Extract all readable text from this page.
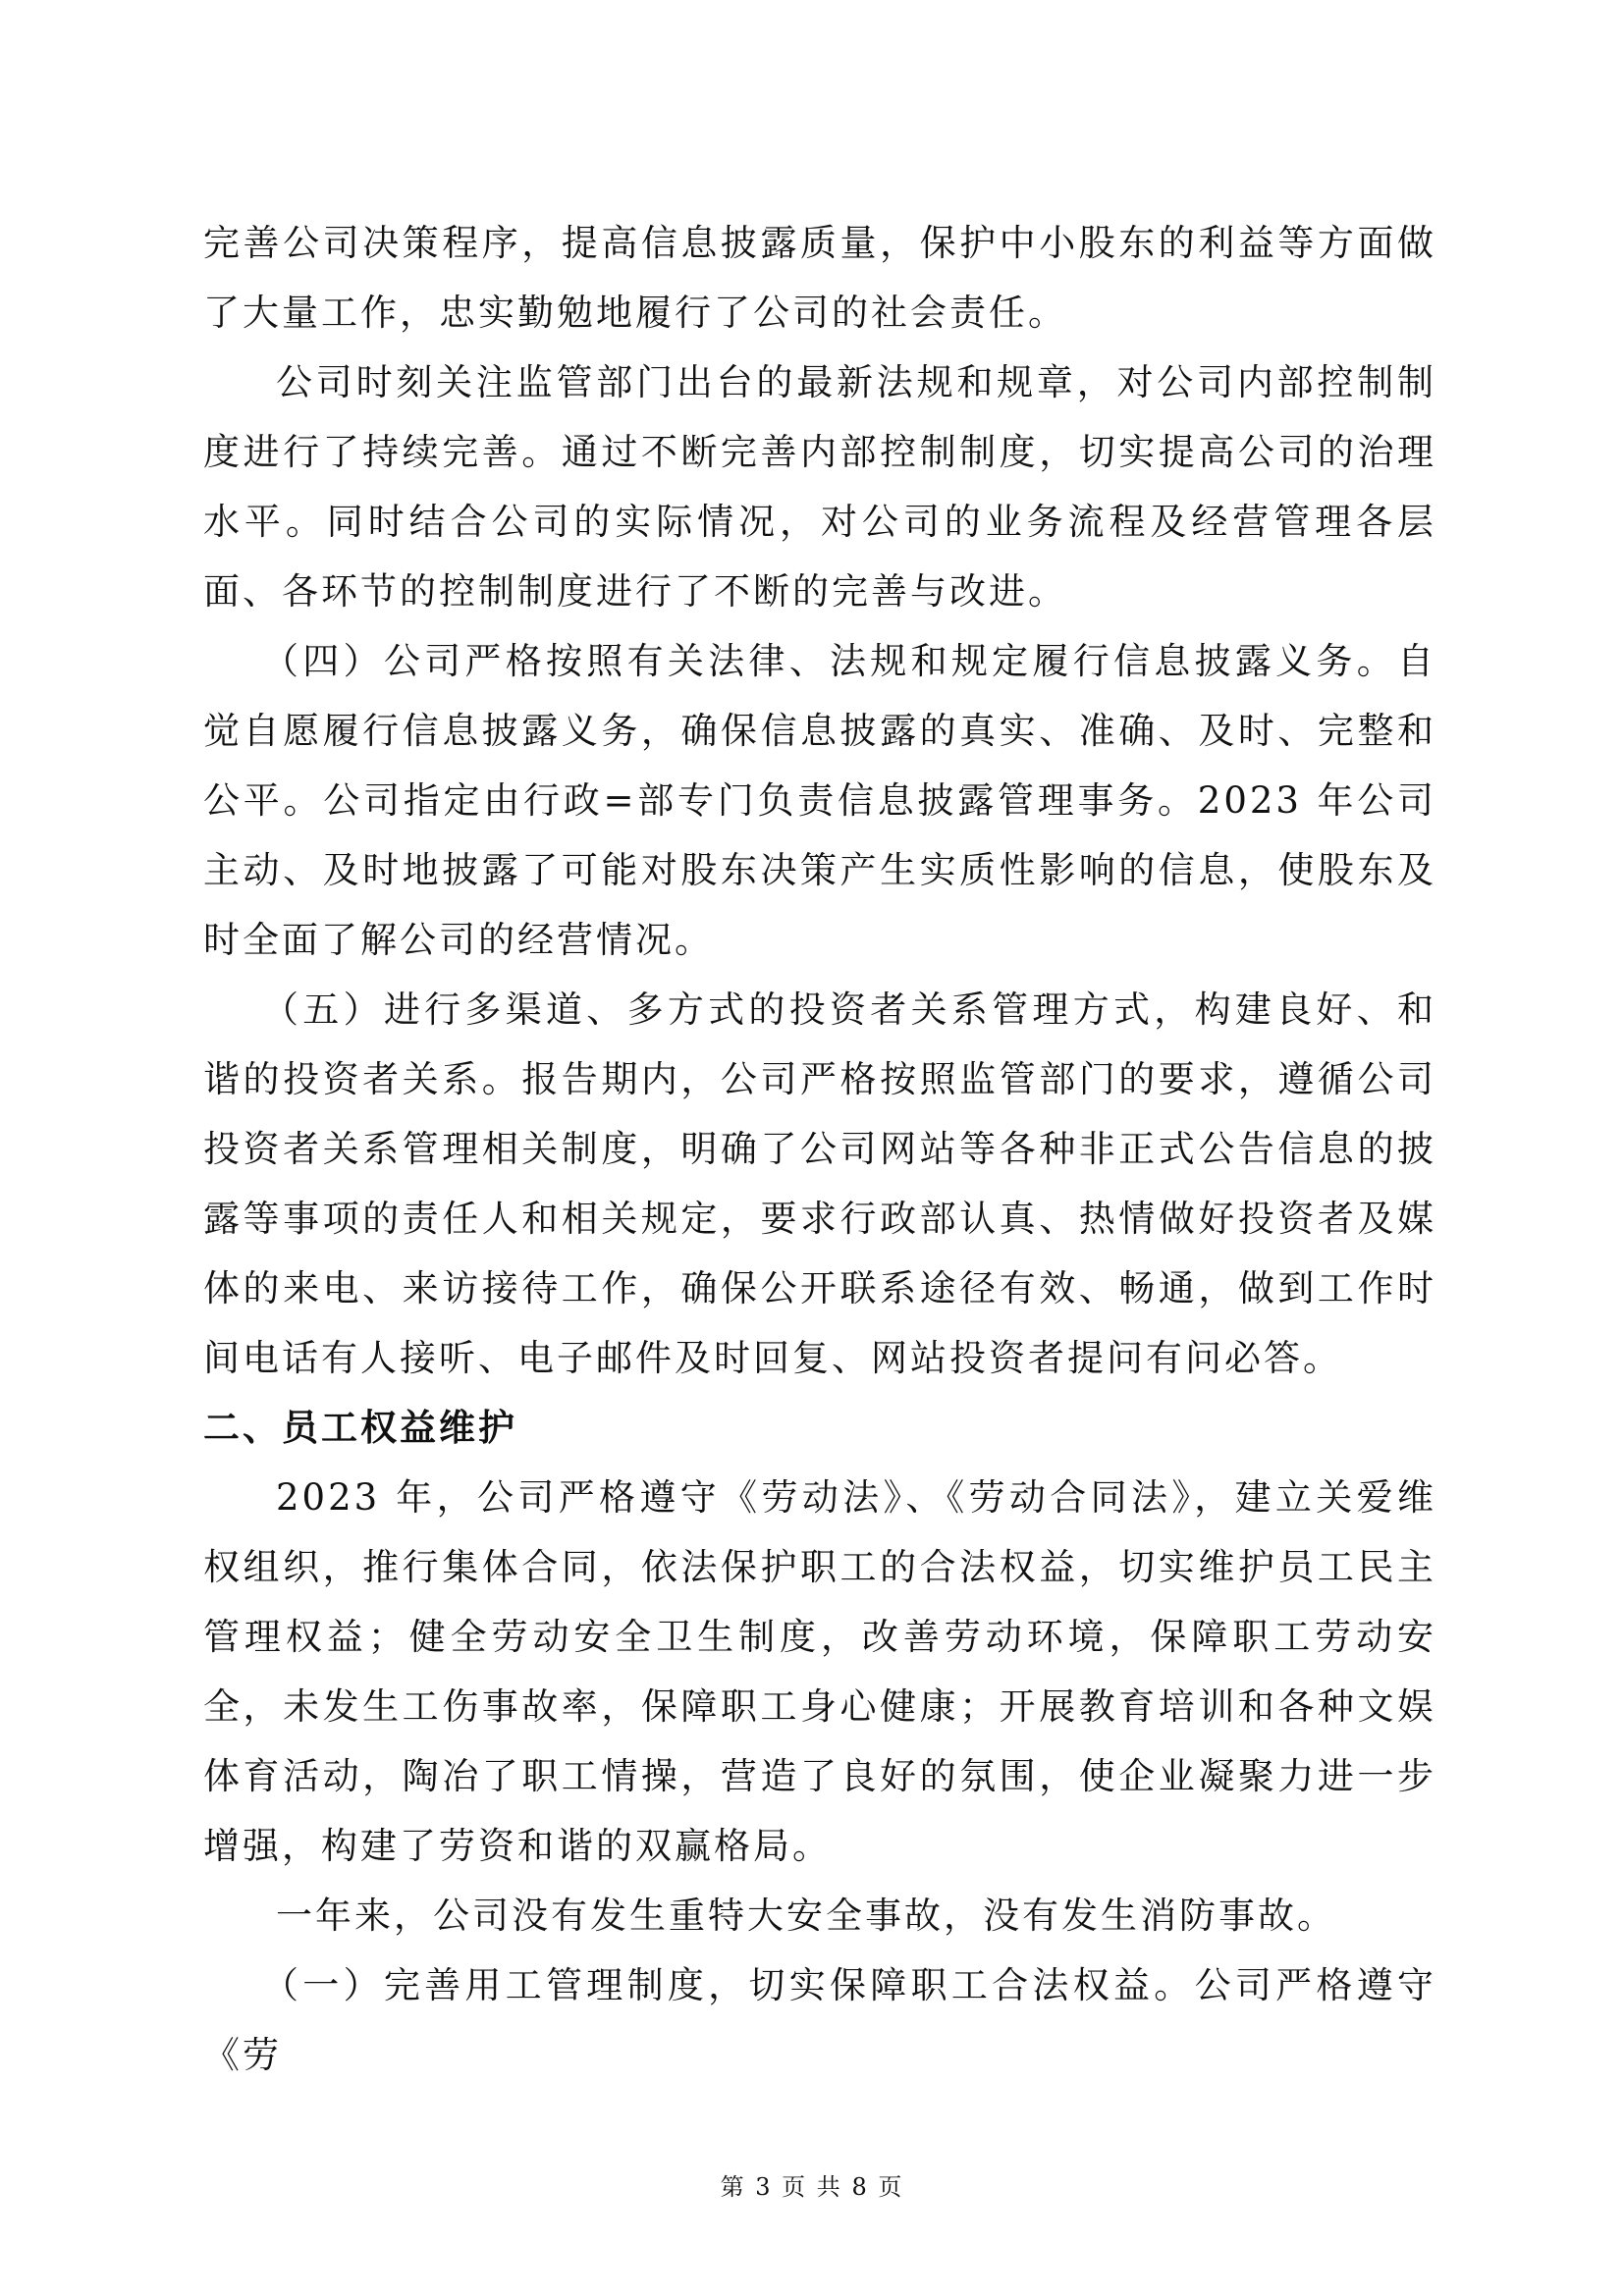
完善公司决策程序，提高信息披露质量，保护中小股东的利益等方面做了大量工作，忠实勤勉地履行了公司的社会责任。

公司时刻关注监管部门出台的最新法规和规章，对公司内部控制制度进行了持续完善。通过不断完善内部控制制度，切实提高公司的治理水平。同时结合公司的实际情况，对公司的业务流程及经营管理各层面、各环节的控制制度进行了不断的完善与改进。

（四）公司严格按照有关法律、法规和规定履行信息披露义务。自觉自愿履行信息披露义务，确保信息披露的真实、准确、及时、完整和公平。公司指定由行政=部专门负责信息披露管理事务。2023 年公司主动、及时地披露了可能对股东决策产生实质性影响的信息，使股东及时全面了解公司的经营情况。

（五）进行多渠道、多方式的投资者关系管理方式，构建良好、和谐的投资者关系。报告期内，公司严格按照监管部门的要求，遵循公司投资者关系管理相关制度，明确了公司网站等各种非正式公告信息的披露等事项的责任人和相关规定，要求行政部认真、热情做好投资者及媒体的来电、来访接待工作，确保公开联系途径有效、畅通，做到工作时间电话有人接听、电子邮件及时回复、网站投资者提问有问必答。

二、员工权益维护

2023 年，公司严格遵守《劳动法》、《劳动合同法》，建立关爱维权组织，推行集体合同，依法保护职工的合法权益，切实维护员工民主管理权益；健全劳动安全卫生制度，改善劳动环境，保障职工劳动安全，未发生工伤事故率，保障职工身心健康；开展教育培训和各种文娱体育活动，陶冶了职工情操，营造了良好的氛围，使企业凝聚力进一步增强，构建了劳资和谐的双赢格局。

一年来，公司没有发生重特大安全事故，没有发生消防事故。

（一）完善用工管理制度，切实保障职工合法权益。公司严格遵守《劳

第 3 页 共 8 页
